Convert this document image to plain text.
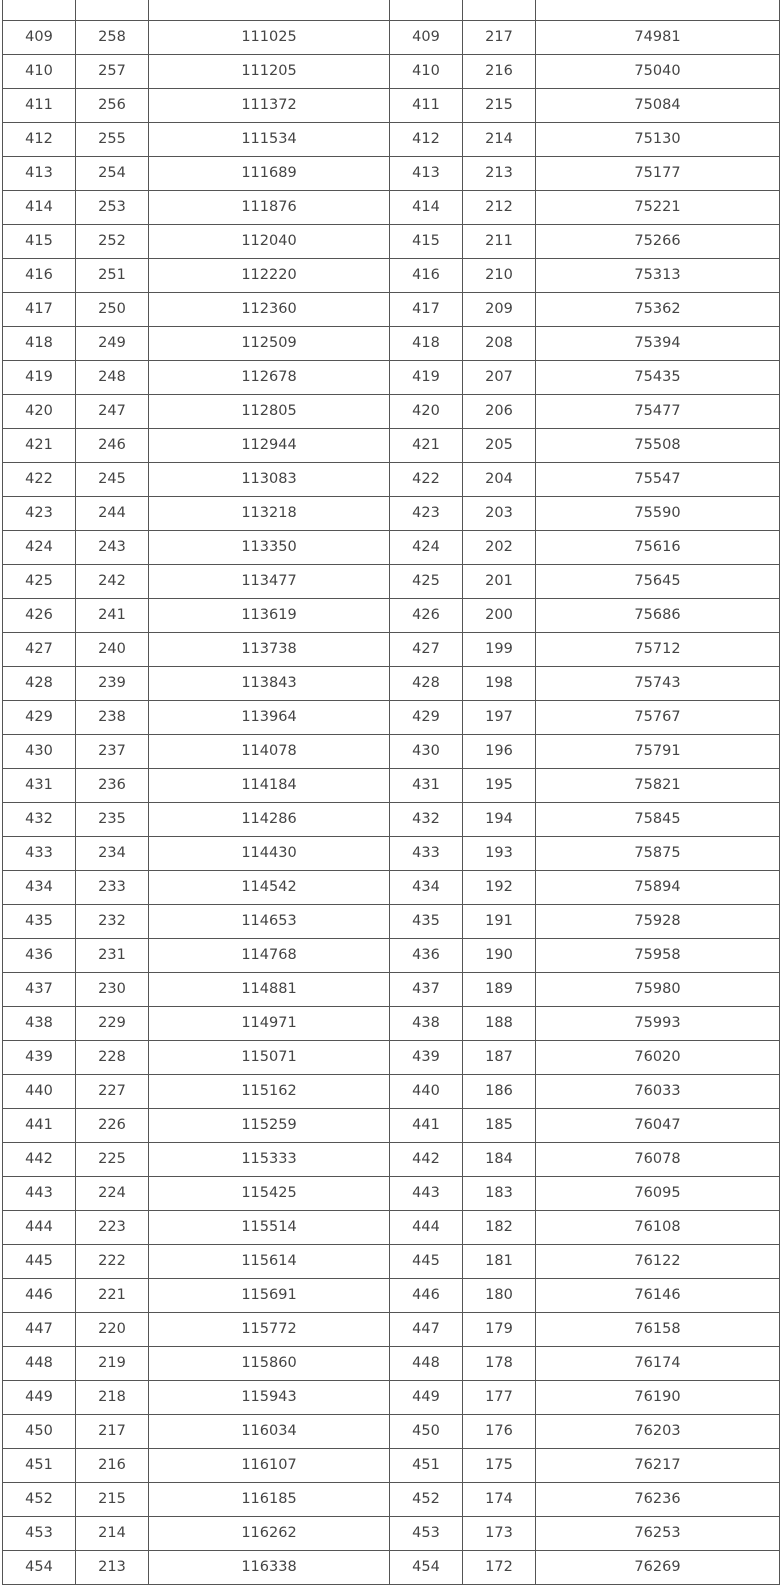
409	258	111025	409	217	74981
410	257	111205	410	216	75040
411	256	111372	411	215	75084
412	255	111534	412	214	75130
413	254	111689	413	213	75177
414	253	111876	414	212	75221
415	252	112040	415	211	75266
416	251	112220	416	210	75313
417	250	112360	417	209	75362
418	249	112509	418	208	75394
419	248	112678	419	207	75435
420	247	112805	420	206	75477
421	246	112944	421	205	75508
422	245	113083	422	204	75547
423	244	113218	423	203	75590
424	243	113350	424	202	75616
425	242	113477	425	201	75645
426	241	113619	426	200	75686
427	240	113738	427	199	75712
428	239	113843	428	198	75743
429	238	113964	429	197	75767
430	237	114078	430	196	75791
431	236	114184	431	195	75821
432	235	114286	432	194	75845
433	234	114430	433	193	75875
434	233	114542	434	192	75894
435	232	114653	435	191	75928
436	231	114768	436	190	75958
437	230	114881	437	189	75980
438	229	114971	438	188	75993
439	228	115071	439	187	76020
440	227	115162	440	186	76033
441	226	115259	441	185	76047
442	225	115333	442	184	76078
443	224	115425	443	183	76095
444	223	115514	444	182	76108
445	222	115614	445	181	76122
446	221	115691	446	180	76146
447	220	115772	447	179	76158
448	219	115860	448	178	76174
449	218	115943	449	177	76190
450	217	116034	450	176	76203
451	216	116107	451	175	76217
452	215	116185	452	174	76236
453	214	116262	453	173	76253
454	213	116338	454	172	76269
